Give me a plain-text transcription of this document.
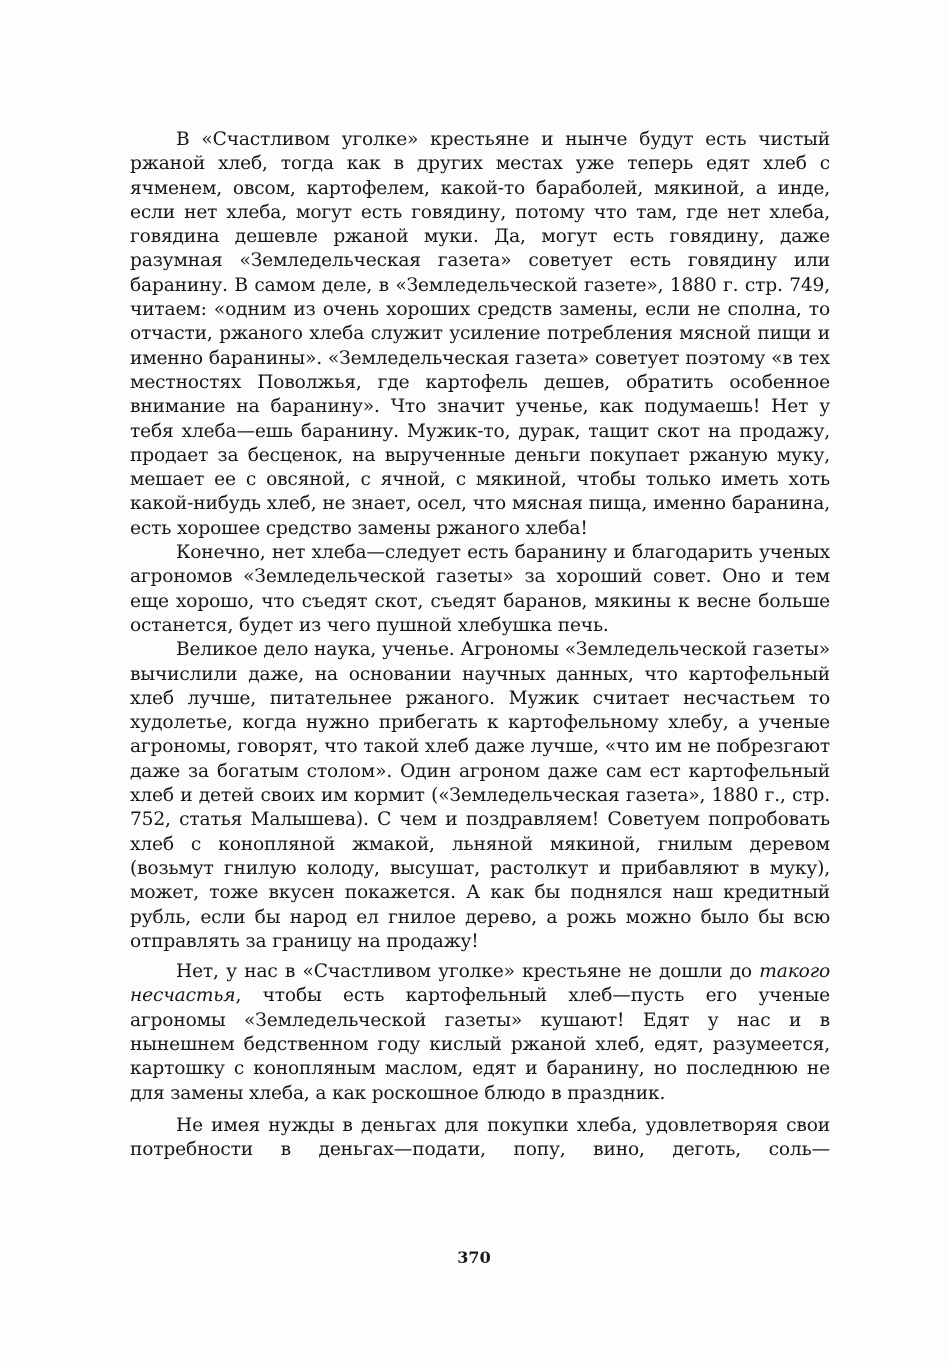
В «Счастливом уголке» крестьяне и нынче будут есть чистый ржаной хлеб, тогда как в других местах уже теперь едят хлеб с ячменем, овсом, картофелем, какой-то бараболей, мякиной, а инде, если нет хлеба, могут есть говядину, потому что там, где нет хлеба, говядина дешевле ржаной муки. Да, могут есть говядину, даже разумная «Земледельческая газета» советует есть говядину или баранину. В самом деле, в «Земледельческой газете», 1880 г. стр. 749, читаем: «одним из очень хороших средств замены, если не сполна, то отчасти, ржаного хлеба служит усиление потребления мясной пищи и именно баранины». «Земледельческая газета» советует поэтому «в тех местностях Поволжья, где картофель дешев, обратить особенное внимание на баранину». Что значит ученье, как подумаешь! Нет у тебя хлеба—ешь баранину. Мужик-то, дурак, тащит скот на продажу, продает за бесценок, на вырученные деньги покупает ржаную муку, мешает ее с овсяной, с ячной, с мякиной, чтобы только иметь хоть какой-нибудь хлеб, не знает, осел, что мясная пища, именно баранина, есть хорошее средство замены ржаного хлеба!

Конечно, нет хлеба—следует есть баранину и благодарить ученых агрономов «Земледельческой газеты» за хороший совет. Оно и тем еще хорошо, что съедят скот, съедят баранов, мякины к весне больше останется, будет из чего пушной хлебушка печь.

Великое дело наука, ученье. Агрономы «Земледельческой газеты» вычислили даже, на основании научных данных, что картофельный хлеб лучше, питательнее ржаного. Мужик считает несчастьем то худолетье, когда нужно прибегать к картофельному хлебу, а ученые агрономы, говорят, что такой хлеб даже лучше, «что им не побрезгают даже за богатым столом». Один агроном даже сам ест картофельный хлеб и детей своих им кормит («Земледельческая газета», 1880 г., стр. 752, статья Малышева). С чем и поздравляем! Советуем попробовать хлеб с конопляной жмакой, льняной мякиной, гнилым деревом (возьмут гнилую колоду, высушат, растолкут и прибавляют в муку), может, тоже вкусен покажется. А как бы поднялся наш кредитный рубль, если бы народ ел гнилое дерево, а рожь можно было бы всю отправлять за границу на продажу!

Нет, у нас в «Счастливом уголке» крестьяне не дошли до такого несчастья, чтобы есть картофельный хлеб—пусть его ученые агрономы «Земледельческой газеты» кушают! Едят у нас и в нынешнем бедственном году кислый ржаной хлеб, едят, разумеется, картошку с конопляным маслом, едят и баранину, но последнюю не для замены хлеба, а как роскошное блюдо в праздник.

Не имея нужды в деньгах для покупки хлеба, удовлетворяя свои потребности в деньгах—подати, попу, вино, деготь, соль—

370
